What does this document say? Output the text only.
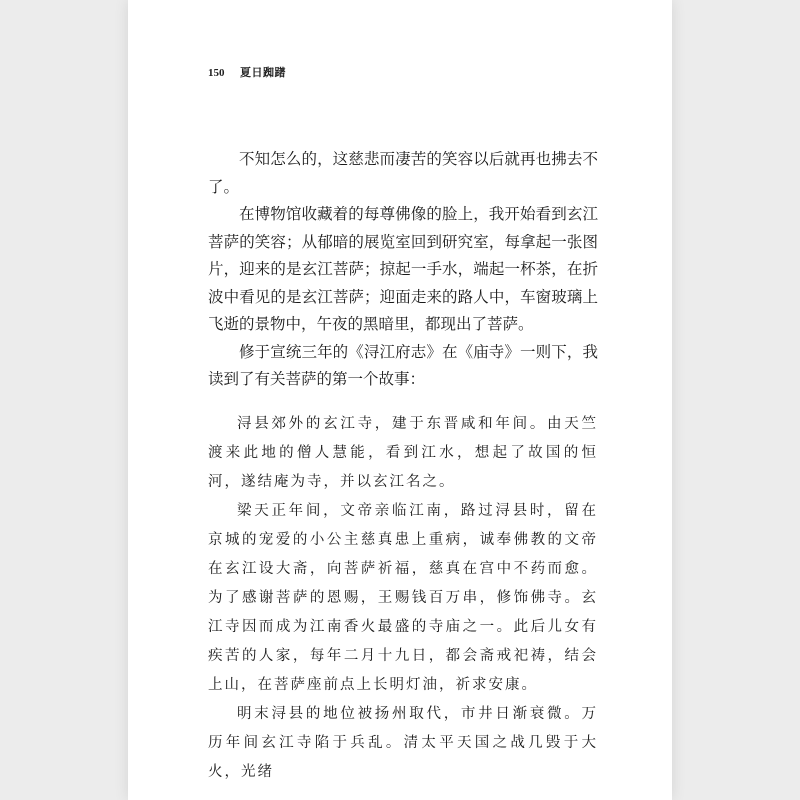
150 夏日踟躇

不知怎么的，这慈悲而凄苦的笑容以后就再也拂去不了。

在博物馆收藏着的每尊佛像的脸上，我开始看到玄江菩萨的笑容；从郁暗的展览室回到研究室，每拿起一张图片，迎来的是玄江菩萨；掠起一手水，端起一杯茶，在折波中看见的是玄江菩萨；迎面走来的路人中，车窗玻璃上飞逝的景物中，午夜的黑暗里，都现出了菩萨。

修于宣统三年的《浔江府志》在《庙寺》一则下，我读到了有关菩萨的第一个故事：

浔县郊外的玄江寺，建于东晋咸和年间。由天竺渡来此地的僧人慧能，看到江水，想起了故国的恒河，遂结庵为寺，并以玄江名之。

梁天正年间，文帝亲临江南，路过浔县时，留在京城的宠爱的小公主慈真患上重病，诚奉佛教的文帝在玄江设大斋，向菩萨祈福，慈真在宫中不药而愈。为了感谢菩萨的恩赐，王赐钱百万串，修饰佛寺。玄江寺因而成为江南香火最盛的寺庙之一。此后儿女有疾苦的人家，每年二月十九日，都会斋戒祀祷，结会上山，在菩萨座前点上长明灯油，祈求安康。

明末浔县的地位被扬州取代，市井日渐衰微。万历年间玄江寺陷于兵乱。清太平天国之战几毁于大火，光绪
